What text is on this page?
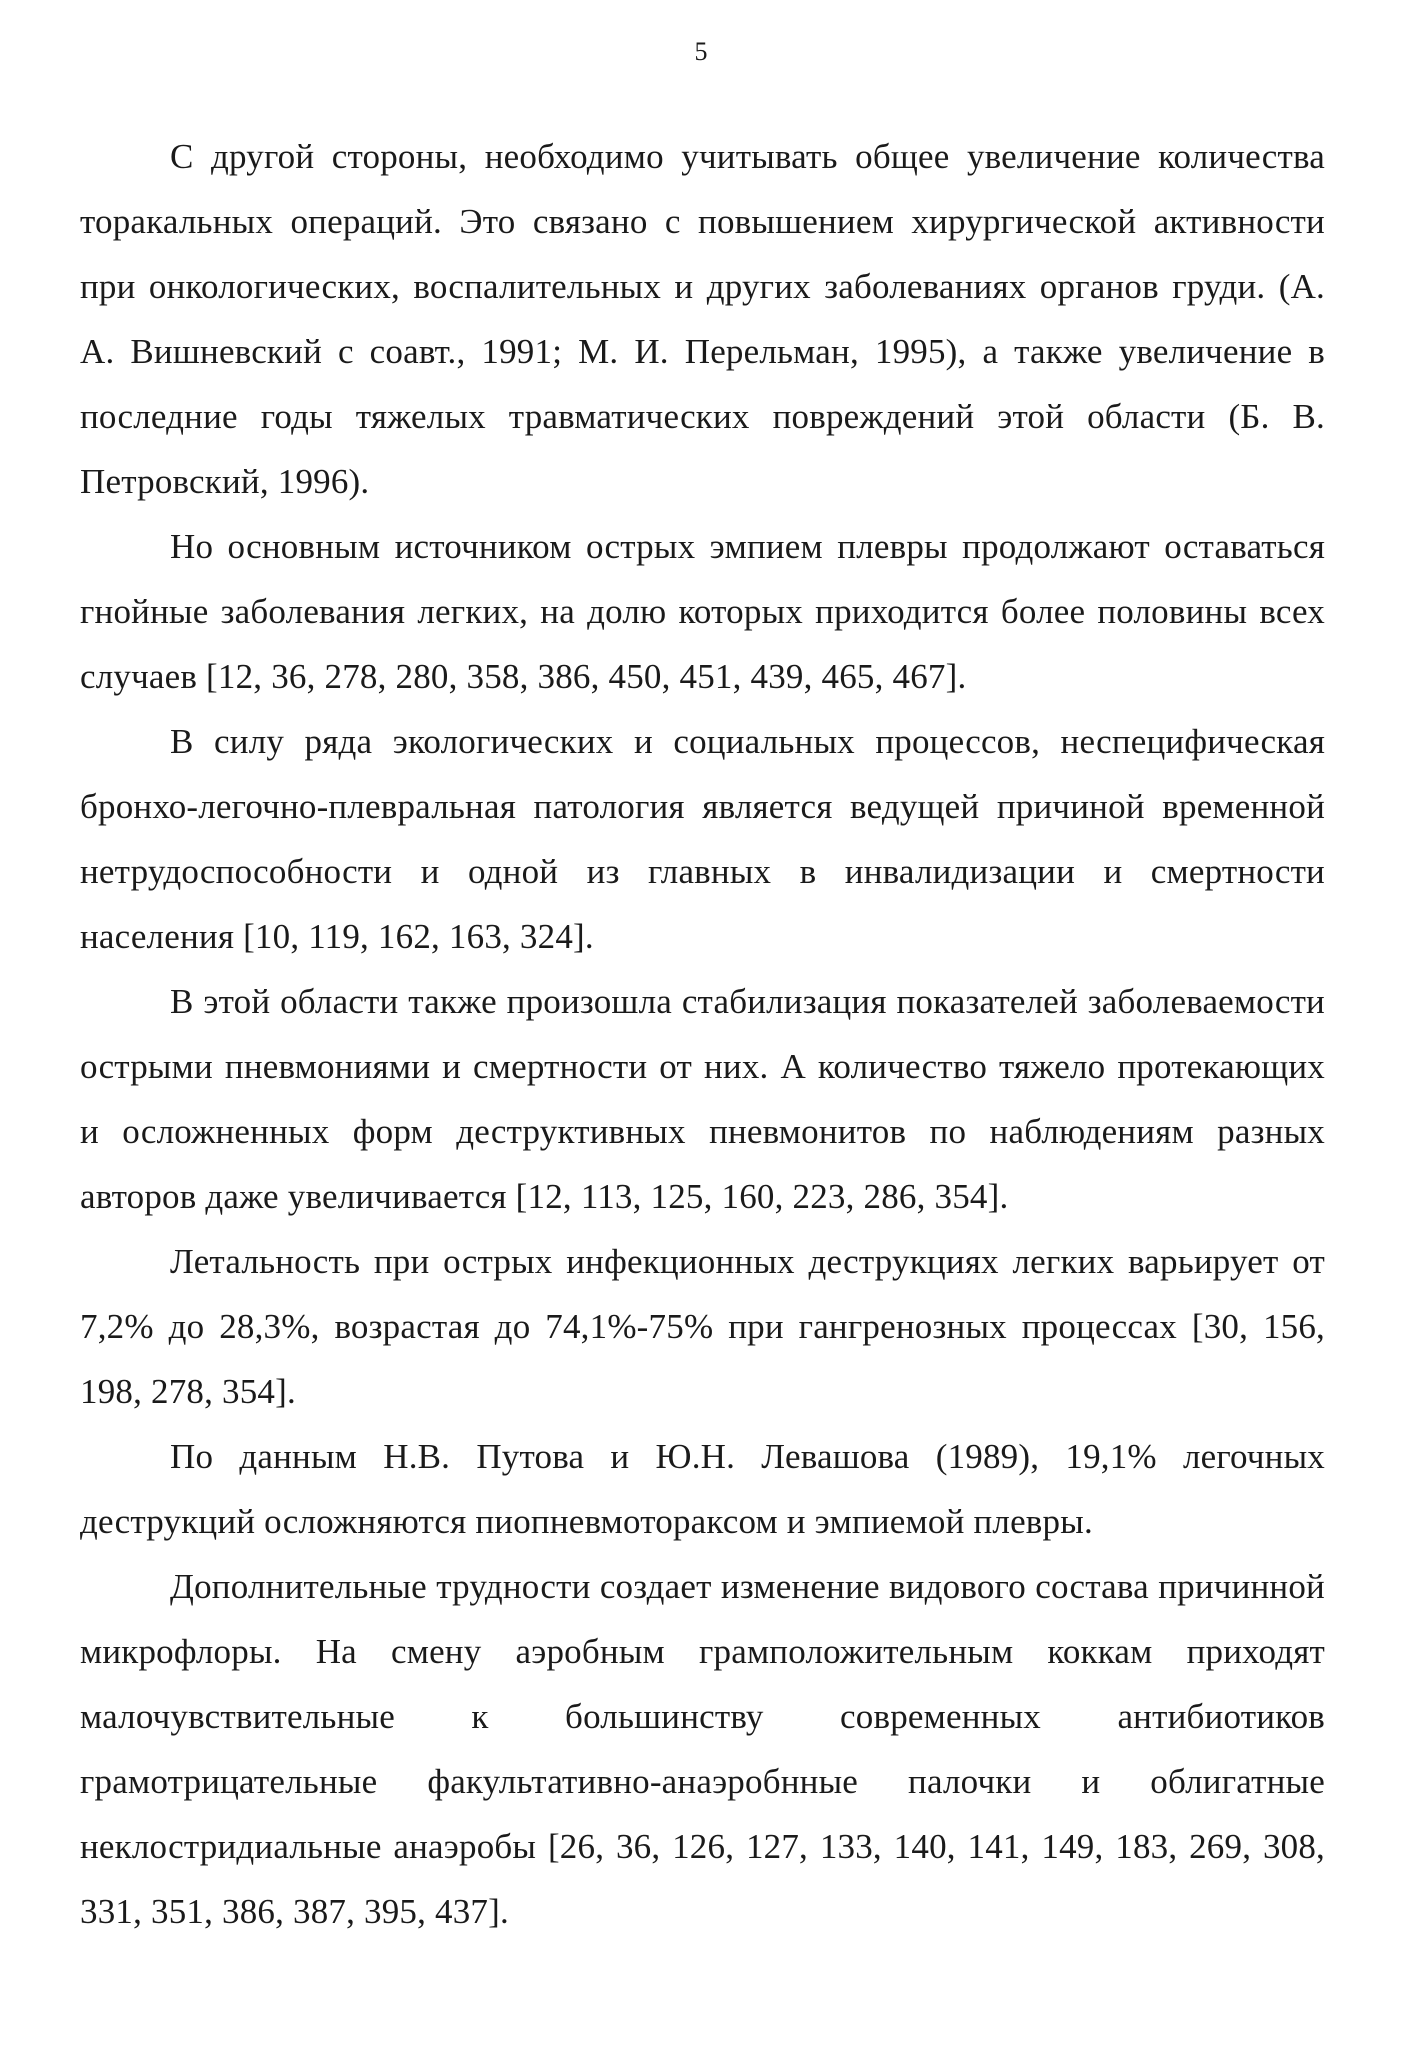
5

С другой стороны, необходимо учитывать общее увеличение количества торакальных операций. Это связано с повышением хирургической активности при онкологических, воспалительных и других заболеваниях органов груди. (А. А. Вишневский с соавт., 1991; М. И. Перельман, 1995), а также увеличение в последние годы тяжелых травматических повреждений этой области (Б. В. Петровский, 1996).

Но основным источником острых эмпием плевры продолжают оставаться гнойные заболевания легких, на долю которых приходится более половины всех случаев [12, 36, 278, 280, 358, 386, 450, 451, 439, 465, 467].

В силу ряда экологических и социальных процессов, неспецифическая бронхо-легочно-плевральная патология является ведущей причиной временной нетрудоспособности и одной из главных в инвалидизации и смертности населения [10, 119, 162, 163, 324].

В этой области также произошла стабилизация показателей заболеваемости острыми пневмониями и смертности от них. А количество тяжело протекающих и осложненных форм деструктивных пневмонитов по наблюдениям разных авторов даже увеличивается [12, 113, 125, 160, 223, 286, 354].

Летальность при острых инфекционных деструкциях легких варьирует от 7,2% до 28,3%, возрастая до 74,1%-75% при гангренозных процессах [30, 156, 198, 278, 354].

По данным Н.В. Путова и Ю.Н. Левашова (1989), 19,1% легочных деструкций осложняются пиопневмотораксом и эмпиемой плевры.

Дополнительные трудности создает изменение видового состава причинной микрофлоры. На смену аэробным грамположительным коккам приходят малочувствительные к большинству современных антибиотиков грамотрицательные факультативно-анаэробнные палочки и облигатные неклостридиальные анаэробы [26, 36, 126, 127, 133, 140, 141, 149, 183, 269, 308, 331, 351, 386, 387, 395, 437].
